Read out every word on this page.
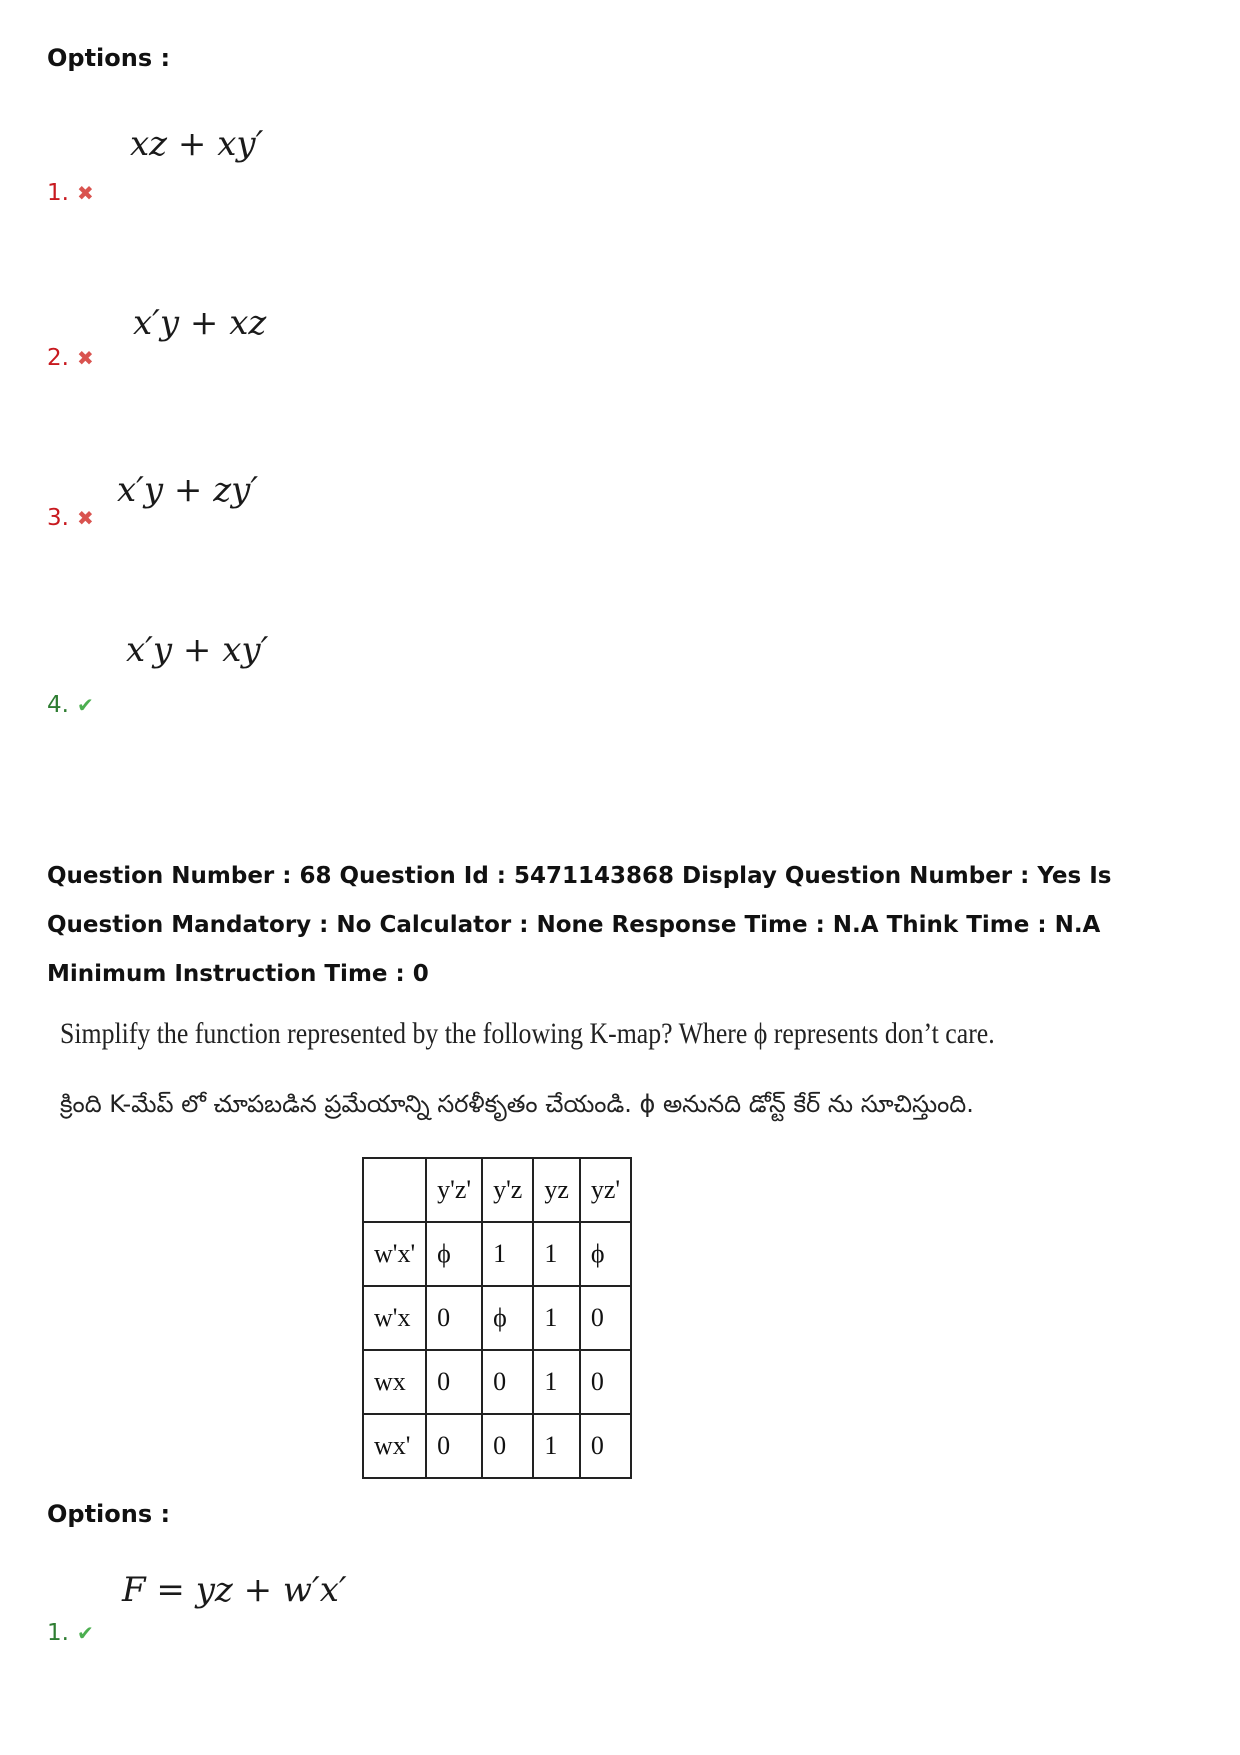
Options :
xz + xy′
1. ✖
x′y + xz
2. ✖
x′y + zy′
3. ✖
x′y + xy′
4. ✔
Question Number : 68 Question Id : 5471143868 Display Question Number : Yes Is Question Mandatory : No Calculator : None Response Time : N.A Think Time : N.A Minimum Instruction Time : 0
Simplify the function represented by the following K-map? Where ϕ represents don’t care.
క్రింది K-మేప్ లో చూపబడిన ప్రమేయాన్ని సరళీకృతం చేయండి. ϕ అనునది డోన్ట్ కేర్ ను సూచిస్తుంది.
	y'z'	y'z	yz	yz'
w'x'	ϕ	1	1	ϕ
w'x	0	ϕ	1	0
wx	0	0	1	0
wx'	0	0	1	0
Options :
F = yz + w′x′
1. ✔
